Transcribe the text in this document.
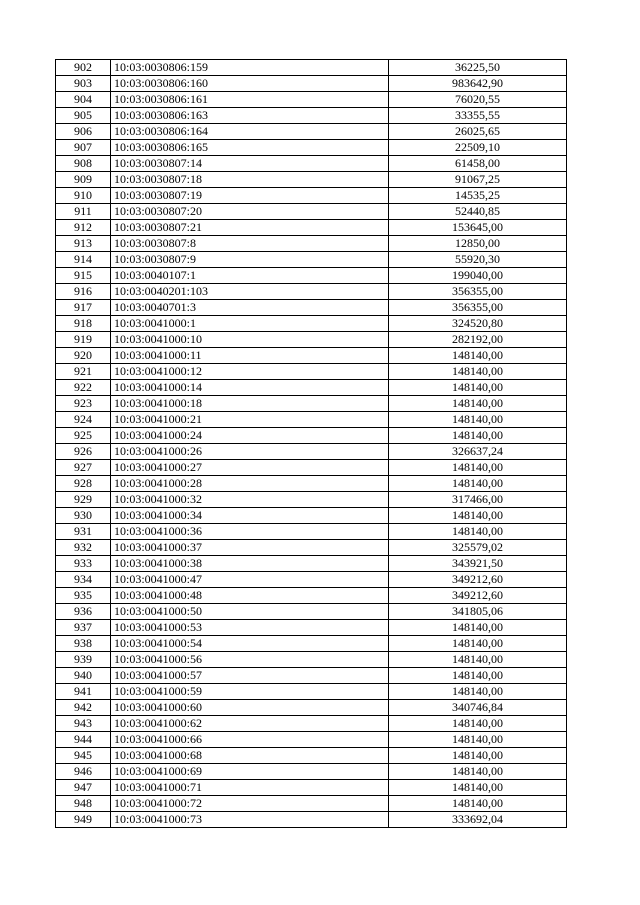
902	10:03:0030806:159	36225,50
903	10:03:0030806:160	983642,90
904	10:03:0030806:161	76020,55
905	10:03:0030806:163	33355,55
906	10:03:0030806:164	26025,65
907	10:03:0030806:165	22509,10
908	10:03:0030807:14	61458,00
909	10:03:0030807:18	91067,25
910	10:03:0030807:19	14535,25
911	10:03:0030807:20	52440,85
912	10:03:0030807:21	153645,00
913	10:03:0030807:8	12850,00
914	10:03:0030807:9	55920,30
915	10:03:0040107:1	199040,00
916	10:03:0040201:103	356355,00
917	10:03:0040701:3	356355,00
918	10:03:0041000:1	324520,80
919	10:03:0041000:10	282192,00
920	10:03:0041000:11	148140,00
921	10:03:0041000:12	148140,00
922	10:03:0041000:14	148140,00
923	10:03:0041000:18	148140,00
924	10:03:0041000:21	148140,00
925	10:03:0041000:24	148140,00
926	10:03:0041000:26	326637,24
927	10:03:0041000:27	148140,00
928	10:03:0041000:28	148140,00
929	10:03:0041000:32	317466,00
930	10:03:0041000:34	148140,00
931	10:03:0041000:36	148140,00
932	10:03:0041000:37	325579,02
933	10:03:0041000:38	343921,50
934	10:03:0041000:47	349212,60
935	10:03:0041000:48	349212,60
936	10:03:0041000:50	341805,06
937	10:03:0041000:53	148140,00
938	10:03:0041000:54	148140,00
939	10:03:0041000:56	148140,00
940	10:03:0041000:57	148140,00
941	10:03:0041000:59	148140,00
942	10:03:0041000:60	340746,84
943	10:03:0041000:62	148140,00
944	10:03:0041000:66	148140,00
945	10:03:0041000:68	148140,00
946	10:03:0041000:69	148140,00
947	10:03:0041000:71	148140,00
948	10:03:0041000:72	148140,00
949	10:03:0041000:73	333692,04
